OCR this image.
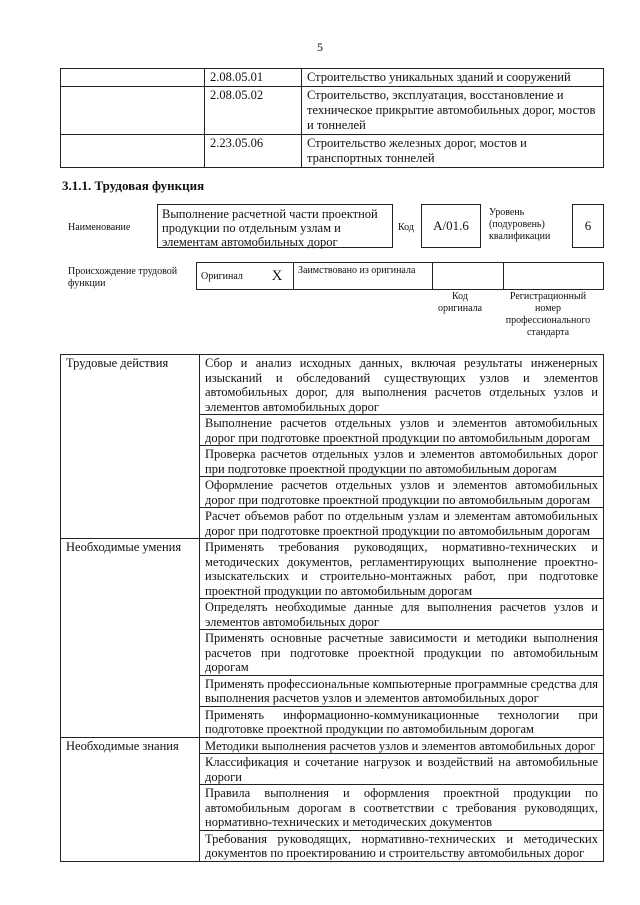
5
	2.08.05.01	Строительство уникальных зданий и сооружений
	2.08.05.02	Строительство, эксплуатация, восстановление и техническое прикрытие автомобильных дорог, мостов и тоннелей
	2.23.05.06	Строительство железных дорог, мостов и транспортных тоннелей
3.1.1. Трудовая функция
Наименование
Выполнение расчетной части проектной продукции по отдельным узлам и элементам автомобильных дорог
Код	A/01.6
Уровень (подуровень) квалификации
6
Происхождение трудовой функции
Оригинал	X	Заимствовано из оригинала		
Код оригинала
Регистрационный номер профессионального стандарта
Трудовые действия	Сбор и анализ исходных данных, включая результаты инженерных изысканий и обследований существующих узлов и элементов автомобильных дорог, для выполнения расчетов отдельных узлов и элементов автомобильных дорог
	Выполнение расчетов отдельных узлов и элементов автомобильных дорог при подготовке проектной продукции по автомобильным дорогам
	Проверка расчетов отдельных узлов и элементов автомобильных дорог при подготовке проектной продукции по автомобильным дорогам
	Оформление расчетов отдельных узлов и элементов автомобильных дорог при подготовке проектной продукции по автомобильным дорогам
	Расчет объемов работ по отдельным узлам и элементам автомобильных дорог при подготовке проектной продукции по автомобильным дорогам
Необходимые умения	Применять требования руководящих, нормативно-технических и методических документов, регламентирующих выполнение проектно-изыскательских и строительно-монтажных работ, при подготовке проектной продукции по автомобильным дорогам
	Определять необходимые данные для выполнения расчетов узлов и элементов автомобильных дорог
	Применять основные расчетные зависимости и методики выполнения расчетов при подготовке проектной продукции по автомобильным дорогам
	Применять профессиональные компьютерные программные средства для выполнения расчетов узлов и элементов автомобильных дорог
	Применять информационно-коммуникационные технологии при подготовке проектной продукции по автомобильным дорогам
Необходимые знания	Методики выполнения расчетов узлов и элементов автомобильных дорог
	Классификация и сочетание нагрузок и воздействий на автомобильные дороги
	Правила выполнения и оформления проектной продукции по автомобильным дорогам в соответствии с требования руководящих, нормативно-технических и методических документов
	Требования руководящих, нормативно-технических и методических документов по проектированию и строительству автомобильных дорог
